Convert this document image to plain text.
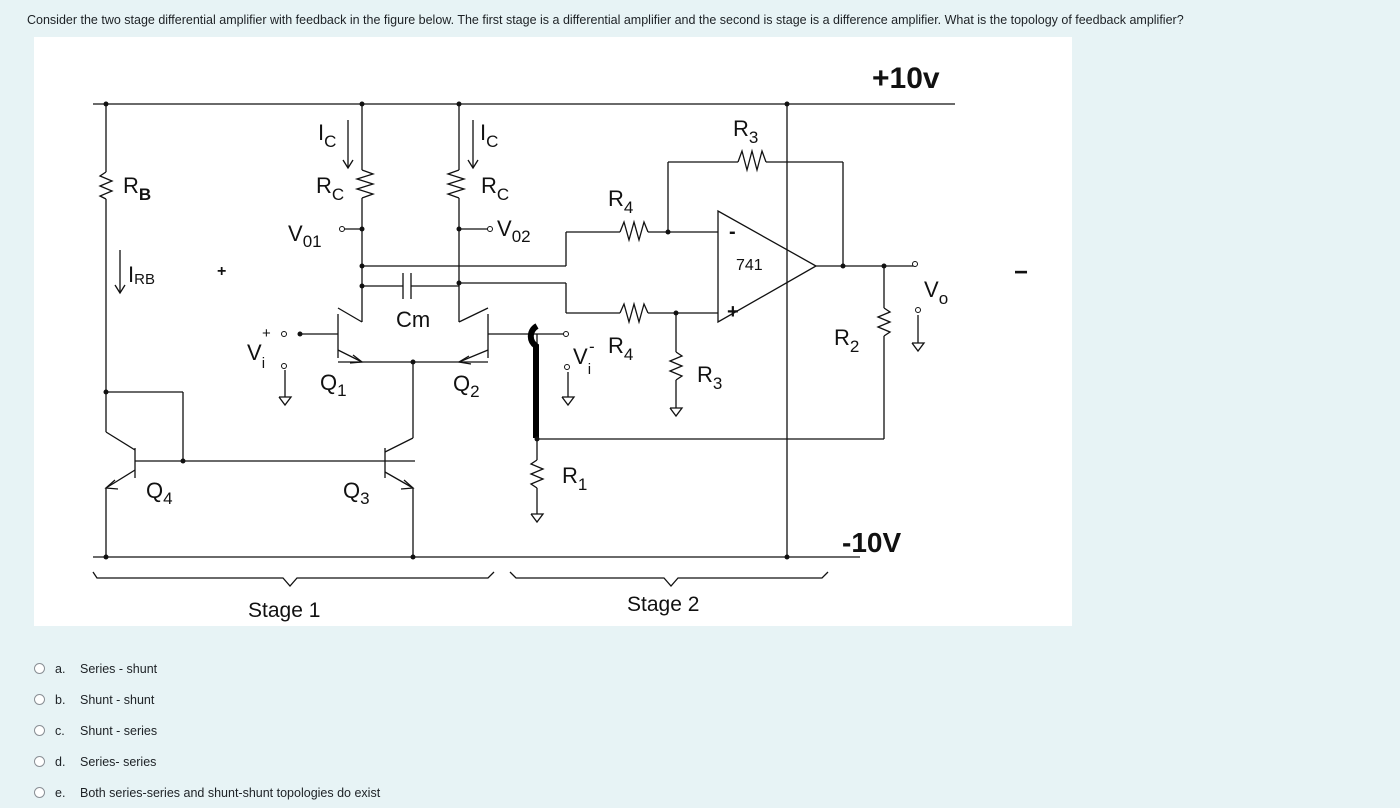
Consider the two stage differential amplifier with feedback in the figure below. The first stage is a differential amplifier and the second is stage is a difference amplifier. What is the topology of feedback amplifier?
+10v
-10V
Stage 1	Stage 2
741
-
+
+	−
$R_B$
IRB
$I_C$	$I_C$
$R_C$	$R_C$
$V_{01}$
$V_{02}$
Cm
$Q_1$	$Q_2$
$Q_3$
$Q_4$
$V_i$
+
$V_i$
-
$R_1$
$R_2$
$R_3$
$R_3$
$R_4$
$R_4$
$V_o$
a.	Series - shunt
b.	Shunt - shunt
c.	Shunt - series
d.	Series- series
e.	Both series-series and shunt-shunt topologies do exist
